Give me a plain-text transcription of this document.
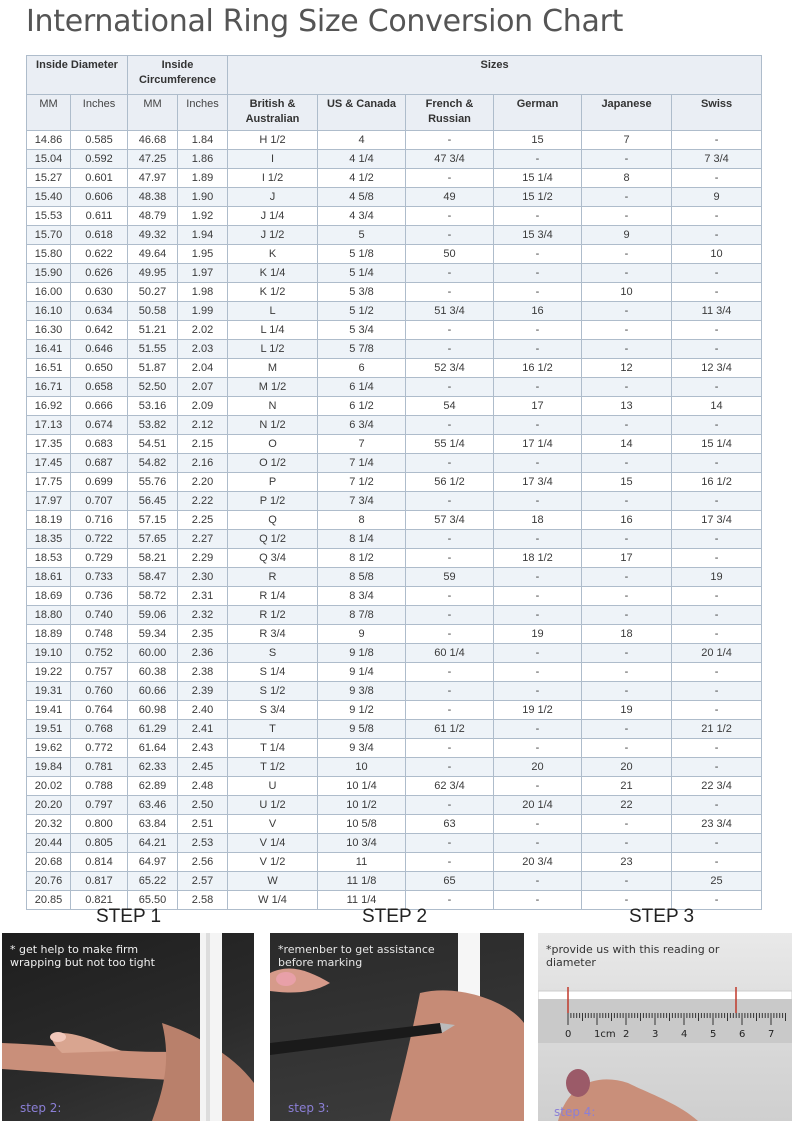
International Ring Size Conversion Chart
Inside Diameter		Inside Circumference		Sizes					
MM	Inches	MM	Inches	British & Australian	US & Canada	French & Russian	German	Japanese	Swiss
14.86	0.585	46.68	1.84	H 1/2	4	-	15	7	-
15.04	0.592	47.25	1.86	I	4 1/4	47 3/4	-	-	7 3/4
15.27	0.601	47.97	1.89	I 1/2	4 1/2	-	15 1/4	8	-
15.40	0.606	48.38	1.90	J	4 5/8	49	15 1/2	-	9
15.53	0.611	48.79	1.92	J 1/4	4 3/4	-	-	-	-
15.70	0.618	49.32	1.94	J 1/2	5	-	15 3/4	9	-
15.80	0.622	49.64	1.95	K	5 1/8	50	-	-	10
15.90	0.626	49.95	1.97	K 1/4	5 1/4	-	-	-	-
16.00	0.630	50.27	1.98	K 1/2	5 3/8	-	-	10	-
16.10	0.634	50.58	1.99	L	5 1/2	51 3/4	16	-	11 3/4
16.30	0.642	51.21	2.02	L 1/4	5 3/4	-	-	-	-
16.41	0.646	51.55	2.03	L 1/2	5 7/8	-	-	-	-
16.51	0.650	51.87	2.04	M	6	52 3/4	16 1/2	12	12 3/4
16.71	0.658	52.50	2.07	M 1/2	6 1/4	-	-	-	-
16.92	0.666	53.16	2.09	N	6 1/2	54	17	13	14
17.13	0.674	53.82	2.12	N 1/2	6 3/4	-	-	-	-
17.35	0.683	54.51	2.15	O	7	55 1/4	17 1/4	14	15 1/4
17.45	0.687	54.82	2.16	O 1/2	7 1/4	-	-	-	-
17.75	0.699	55.76	2.20	P	7 1/2	56 1/2	17 3/4	15	16 1/2
17.97	0.707	56.45	2.22	P 1/2	7 3/4	-	-	-	-
18.19	0.716	57.15	2.25	Q	8	57 3/4	18	16	17 3/4
18.35	0.722	57.65	2.27	Q 1/2	8 1/4	-	-	-	-
18.53	0.729	58.21	2.29	Q 3/4	8 1/2	-	18 1/2	17	-
18.61	0.733	58.47	2.30	R	8 5/8	59	-	-	19
18.69	0.736	58.72	2.31	R 1/4	8 3/4	-	-	-	-
18.80	0.740	59.06	2.32	R 1/2	8 7/8	-	-	-	-
18.89	0.748	59.34	2.35	R 3/4	9	-	19	18	-
19.10	0.752	60.00	2.36	S	9 1/8	60 1/4	-	-	20 1/4
19.22	0.757	60.38	2.38	S 1/4	9 1/4	-	-	-	-
19.31	0.760	60.66	2.39	S 1/2	9 3/8	-	-	-	-
19.41	0.764	60.98	2.40	S 3/4	9 1/2	-	19 1/2	19	-
19.51	0.768	61.29	2.41	T	9 5/8	61 1/2	-	-	21 1/2
19.62	0.772	61.64	2.43	T 1/4	9 3/4	-	-	-	-
19.84	0.781	62.33	2.45	T 1/2	10	-	20	20	-
20.02	0.788	62.89	2.48	U	10 1/4	62 3/4	-	21	22 3/4
20.20	0.797	63.46	2.50	U 1/2	10 1/2	-	20 1/4	22	-
20.32	0.800	63.84	2.51	V	10 5/8	63	-	-	23 3/4
20.44	0.805	64.21	2.53	V 1/4	10 3/4	-	-	-	-
20.68	0.814	64.97	2.56	V 1/2	11	-	20 3/4	23	-
20.76	0.817	65.22	2.57	W	11 1/8	65	-	-	25
20.85	0.821	65.50	2.58	W 1/4	11 1/4	-	-	-	-
STEP 1	STEP 2	STEP 3
* get help to make firm wrapping but not too tight
step 2:
*remenber to get assistance before marking
step 3:
0 1cm 2 3 4 5 6 7
*provide us with this reading or diameter
step 4:
